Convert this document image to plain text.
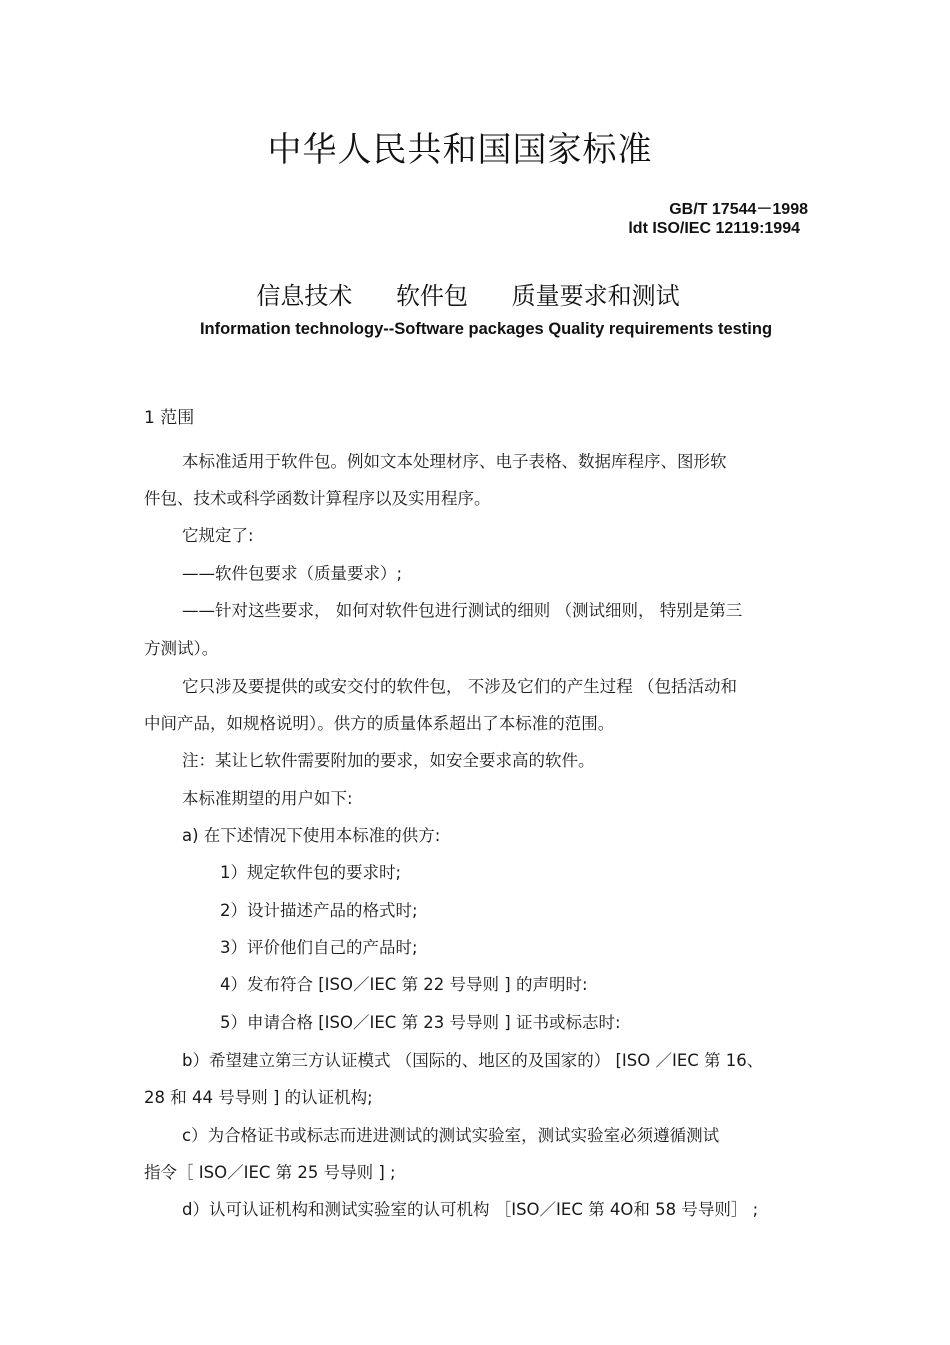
中华人民共和国国家标准
GB/T 17544－1998
ldt ISO/IEC 12119:1994
信息技术 软件包 质量要求和测试
Information technology--Software packages Quality requirements testing
1 范围
本标准适用于软件包。例如文本处理材序、电子表格、数据库程序、图形软
件包、技术或科学函数计算程序以及实用程序。
它规定了:
——软件包要求（质量要求）;
——针对这些要求， 如何对软件包进行测试的细则 （测试细则， 特别是第三
方测试）。
它只涉及要提供的或安交付的软件包， 不涉及它们的产生过程 （包括活动和
中间产品，如规格说明）。供方的质量体系超出了本标准的范围。
注：某让匕软件需要附加的要求，如安全要求高的软件。
本标准期望的用户如下:
a) 在下述情况下使用本标准的供方:
1）规定软件包的要求时;
2）设计描述产品的格式时;
3）评价他们自己的产品时;
4）发布符合 [ISO／IEC 第 22 号导则 ] 的声明时:
5）申请合格 [ISO／IEC 第 23 号导则 ] 证书或标志时:
b）希望建立第三方认证模式 （国际的、地区的及国家的） [ISO ／IEC 第 16、
28 和 44 号导则 ] 的认证机构;
c）为合格证书或标志而进进测试的测试实验室，测试实验室必须遵循测试
指令［ ISO／IEC 第 25 号导则 ] ;
d）认可认证机构和测试实验室的认可机构 ［ISO／IEC 第 4O和 58 号导则］ ;
